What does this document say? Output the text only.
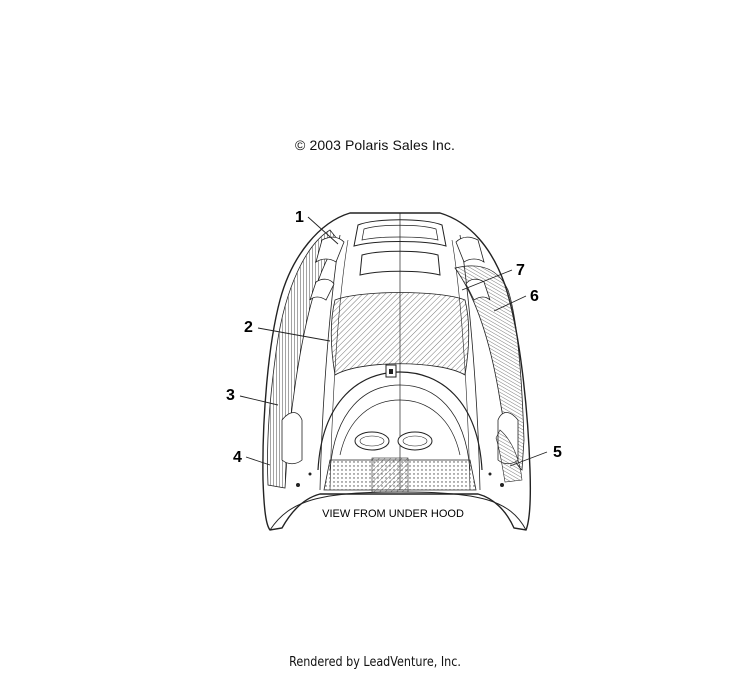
© 2003 Polaris Sales Inc.
1
2
3
4	5
6
7
VIEW FROM UNDER HOOD
Rendered by LeadVenture, Inc.
